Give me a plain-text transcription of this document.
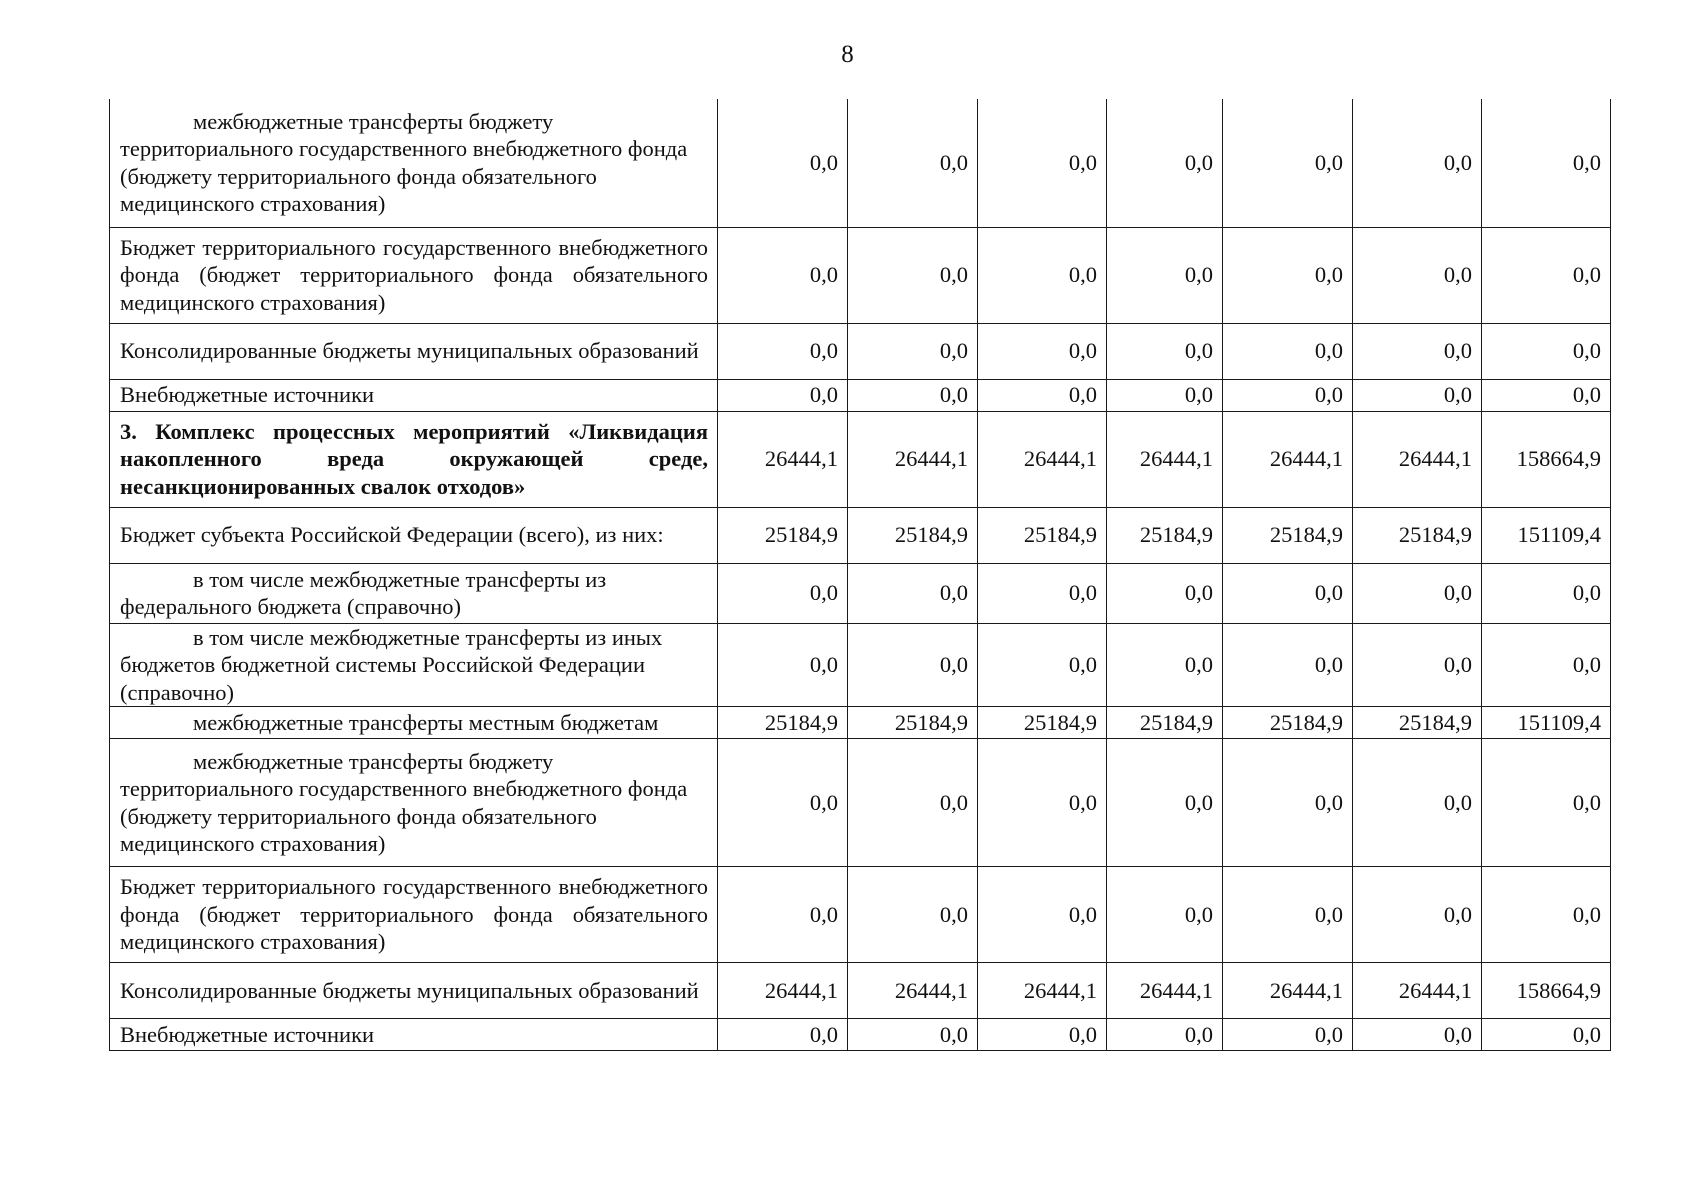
8
межбюджетные трансферты бюджету
территориального государственного внебюджетного фонда (бюджету территориального фонда обязательного медицинского страхования)	0,0	0,0	0,0	0,0	0,0	0,0	0,0
Бюджет территориального государственного внебюджетного фонда (бюджет территориального фонда обязательного медицинского страхования)	0,0	0,0	0,0	0,0	0,0	0,0	0,0
Консолидированные бюджеты муниципальных образований	0,0	0,0	0,0	0,0	0,0	0,0	0,0
Внебюджетные источники	0,0	0,0	0,0	0,0	0,0	0,0	0,0
3. Комплекс процессных мероприятий «Ликвидация накопленного вреда окружающей среде, несанкционированных свалок отходов»	26444,1	26444,1	26444,1	26444,1	26444,1	26444,1	158664,9
Бюджет субъекта Российской Федерации (всего), из них:	25184,9	25184,9	25184,9	25184,9	25184,9	25184,9	151109,4

в том числе межбюджетные трансферты из
федерального бюджета (справочно)	0,0	0,0	0,0	0,0	0,0	0,0	0,0

в том числе межбюджетные трансферты из иных
бюджетов бюджетной системы Российской Федерации (справочно)	0,0	0,0	0,0	0,0	0,0	0,0	0,0

межбюджетные трансферты местным бюджетам	25184,9	25184,9	25184,9	25184,9	25184,9	25184,9	151109,4

межбюджетные трансферты бюджету
территориального государственного внебюджетного фонда (бюджету территориального фонда обязательного медицинского страхования)	0,0	0,0	0,0	0,0	0,0	0,0	0,0
Бюджет территориального государственного внебюджетного фонда (бюджет территориального фонда обязательного медицинского страхования)	0,0	0,0	0,0	0,0	0,0	0,0	0,0
Консолидированные бюджеты муниципальных образований	26444,1	26444,1	26444,1	26444,1	26444,1	26444,1	158664,9
Внебюджетные источники	0,0	0,0	0,0	0,0	0,0	0,0	0,0
